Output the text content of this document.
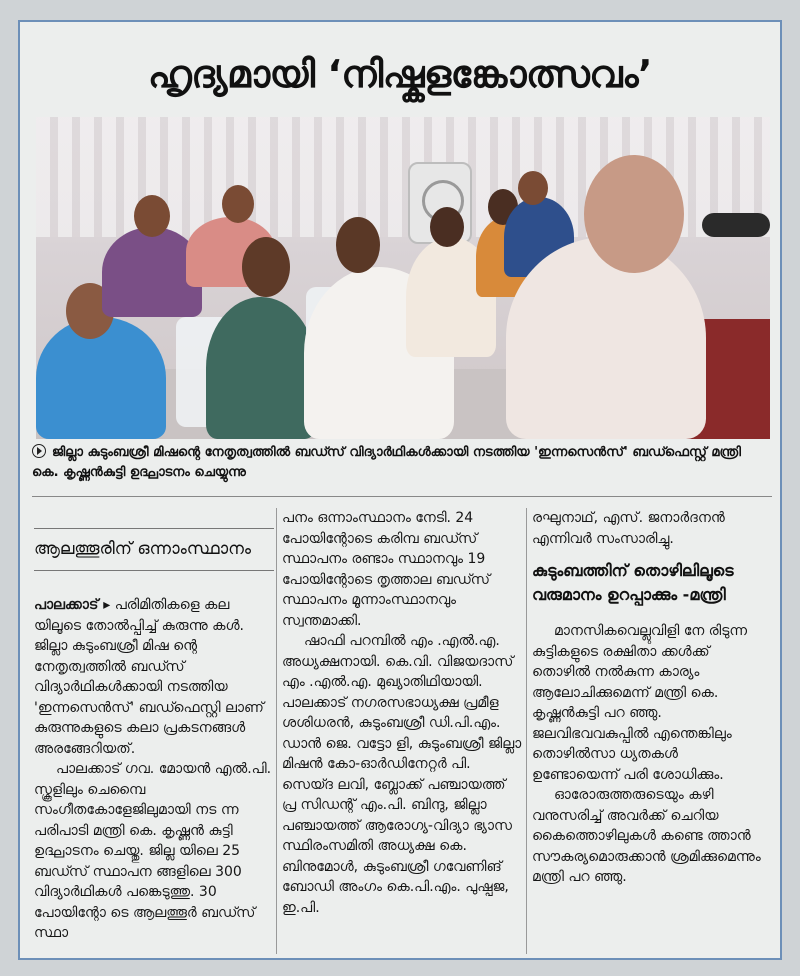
ഹൃദ്യമായി ‘നിഷ്കളങ്കോത്സവം’
ജില്ലാ കുടുംബശ്രീ മിഷന്റെ നേതൃത്വത്തിൽ ബഡ്സ് വിദ്യാർഥികൾക്കായി നടത്തിയ 'ഇന്നസെൻസ്' ബഡ്ഫെസ്റ്റ് മന്ത്രി കെ. കൃഷ്ണൻകുട്ടി ഉദ്ഘാടനം ചെയ്യുന്നു
ആലത്തൂരിന് ഒന്നാംസ്ഥാനം

പാലക്കാട് ▸ പരിമിതികളെ കല യിലൂടെ തോൽപ്പിച്ച് കുരുന്നു കൾ. ജില്ലാ കുടുംബശ്രീ മിഷ ന്റെ നേതൃത്വത്തിൽ ബഡ്സ് വിദ്യാർഥികൾക്കായി നടത്തിയ 'ഇന്നസെൻസ്' ബഡ്ഫെസ്റ്റി ലാണ് കുരുന്നുകളുടെ കലാ പ്രകടനങ്ങൾ അരങ്ങേറിയത്.

പാലക്കാട് ഗവ. മോയൻ എൽ.പി. സ്കൂളിലും ചെമ്പൈ സംഗീതകോളേജിലുമായി നട ന്ന പരിപാടി മന്ത്രി കെ. കൃഷ്ണൻ കുട്ടി ഉദ്ഘാടനം ചെയ്തു. ജില്ല യിലെ 25 ബഡ്സ് സ്ഥാപന ങ്ങളിലെ 300 വിദ്യാർഥികൾ പങ്കെടുത്തു. 30 പോയിന്റോ ടെ ആലത്തൂർ ബഡ്സ് സ്ഥാ

പനം ഒന്നാംസ്ഥാനം നേടി. 24 പോയിന്റോടെ കരിമ്പ ബഡ്സ് സ്ഥാപനം രണ്ടാം സ്ഥാനവും 19 പോയിന്റോടെ തൃത്താല ബഡ്സ് സ്ഥാപനം മൂന്നാംസ്ഥാനവും സ്വന്തമാക്കി.

ഷാഫി പറമ്പിൽ എം .എൽ.എ. അധ്യക്ഷനായി. കെ.വി. വിജയദാസ് എം .എൽ.എ. മുഖ്യാതിഥിയായി. പാലക്കാട് നഗരസഭാധ്യക്ഷ പ്രമീള ശശിധരൻ, കുടുംബശ്രീ ഡി.പി.എം. ഡാൻ ജെ. വട്ടോ ളി, കുടുംബശ്രീ ജില്ലാ മിഷൻ കോ-ഓർഡിനേറ്റർ പി. സെയ്ദ ലവി, ബ്ലോക്ക് പഞ്ചായത്ത് പ്ര സിഡന്റ് എം.പി. ബിന്ദു, ജില്ലാ പഞ്ചായത്ത് ആരോഗ്യ-വിദ്യാ ഭ്യാസ സ്ഥിരംസമിതി അധ്യക്ഷ കെ. ബിനുമോൾ, കുടുംബശ്രീ ഗവേണിങ് ബോഡി അംഗം കെ.പി.എം. പുഷ്പജ, ഇ.പി.

രഘുനാഥ്, എസ്. ജനാർദനൻ എന്നിവർ സംസാരിച്ചു.

കുടുംബത്തിന് തൊഴിലിലൂടെ വരുമാനം ഉറപ്പാക്കും -മന്ത്രി

മാനസികവെല്ലുവിളി നേ രിടുന്ന കുട്ടികളുടെ രക്ഷിതാ ക്കൾക്ക് തൊഴിൽ നൽകുന്ന കാര്യം ആലോചിക്കുമെന്ന് മന്ത്രി കെ. കൃഷ്ണൻകുട്ടി പറ ഞ്ഞു. ജലവിഭവവകുപ്പിൽ എന്തെങ്കിലും തൊഴിൽസാ ധ്യതകൾ ഉണ്ടോയെന്ന് പരി ശോധിക്കും.

ഓരോരുത്തരുടെയും കഴി വനുസരിച്ച് അവർക്ക് ചെറിയ കൈത്തൊഴിലുകൾ കണ്ടെ ത്താൻ സൗകര്യമൊരുക്കാൻ ശ്രമിക്കുമെന്നും മന്ത്രി പറ ഞ്ഞു.
